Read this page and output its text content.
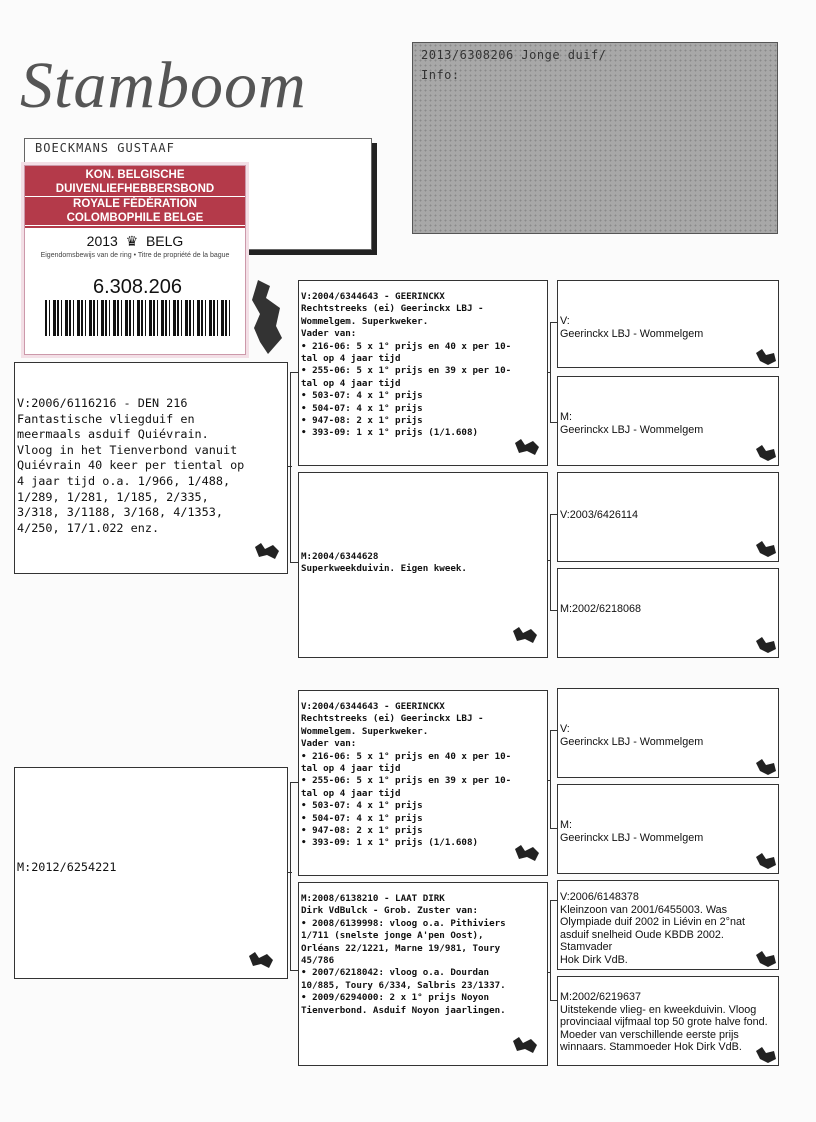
Stamboom
BOECKMANS GUSTAAF
KON. BELGISCHE DUIVENLIEFHEBBERSBOND
ROYALE FÉDÉRATION COLOMBOPHILE BELGE
2013  ♛  BELG
Eigendomsbewijs van de ring • Titre de propriété de la bague
6.308.206
2013/6308206 Jonge duif/
Info:
V:2006/6116216 - DEN 216
Fantastische vliegduif en
meermaals asduif Quiévrain.
Vloog in het Tienverbond vanuit
Quiévrain 40 keer per tiental op
4 jaar tijd o.a. 1/966, 1/488,
1/289, 1/281, 1/185, 2/335,
3/318, 3/1188, 3/168, 4/1353,
4/250, 17/1.022 enz.
M:2012/6254221
V:2004/6344643 - GEERINCKX
Rechtstreeks (ei) Geerinckx LBJ -
Wommelgem. Superkweker.
Vader van:
• 216-06: 5 x 1° prijs en 40 x per 10-
tal op 4 jaar tijd
• 255-06: 5 x 1° prijs en 39 x per 10-
tal op 4 jaar tijd
• 503-07: 4 x 1° prijs
• 504-07: 4 x 1° prijs
• 947-08: 2 x 1° prijs
• 393-09: 1 x 1° prijs (1/1.608)
M:2004/6344628
Superkweekduivin. Eigen kweek.
V:2004/6344643 - GEERINCKX
Rechtstreeks (ei) Geerinckx LBJ -
Wommelgem. Superkweker.
Vader van:
• 216-06: 5 x 1° prijs en 40 x per 10-
tal op 4 jaar tijd
• 255-06: 5 x 1° prijs en 39 x per 10-
tal op 4 jaar tijd
• 503-07: 4 x 1° prijs
• 504-07: 4 x 1° prijs
• 947-08: 2 x 1° prijs
• 393-09: 1 x 1° prijs (1/1.608)
M:2008/6138210 - LAAT DIRK
Dirk VdBulck - Grob. Zuster van:
• 2008/6139998: vloog o.a. Pithiviers
1/711 (snelste jonge A'pen Oost),
Orléans 22/1221, Marne 19/981, Toury
45/786
• 2007/6218042: vloog o.a. Dourdan
10/885, Toury 6/334, Salbris 23/1337.
• 2009/6294000: 2 x 1° prijs Noyon
Tienverbond. Asduif Noyon jaarlingen.
V:
Geerinckx LBJ - Wommelgem
M:
Geerinckx LBJ - Wommelgem
V:2003/6426114
M:2002/6218068
V:
Geerinckx LBJ - Wommelgem
M:
Geerinckx LBJ - Wommelgem
V:2006/6148378
Kleinzoon van 2001/6455003. Was
Olympiade duif 2002 in Liévin en 2°nat
asduif snelheid Oude KBDB 2002. Stamvader
Hok Dirk VdB.
M:2002/6219637
Uitstekende vlieg- en kweekduivin. Vloog
provinciaal vijfmaal top 50 grote halve fond.
Moeder van verschillende eerste prijs
winnaars. Stammoeder Hok Dirk VdB.
